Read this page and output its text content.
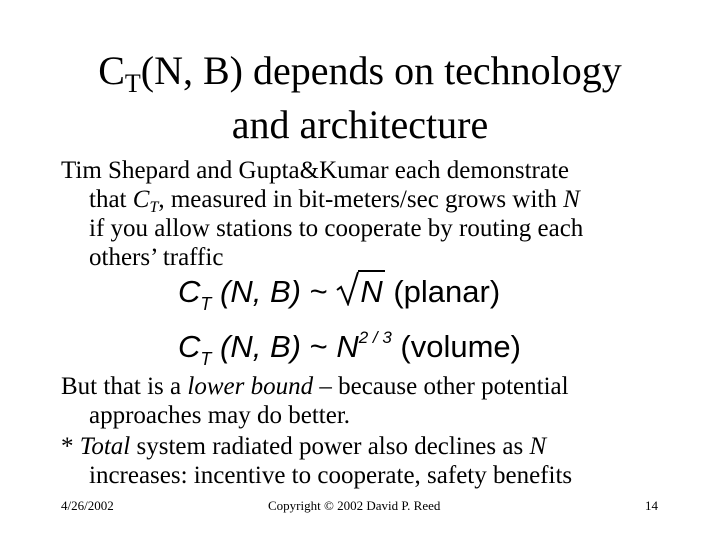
$C_T(N$, B) depends on technology
and architecture
Tim Shepard and Gupta&Kumar each demonstrate
that $C_T$, measured in bit-meters/sec grows with N
if you allow stations to cooperate by routing each
others’ traffic
$C_T$ (N, B) ~ N (planar)
$C_T$ (N, B) ~ $N^{2 / 3}$ (volume)
But that is a lower bound – because other potential
approaches may do better.
* Total system radiated power also declines as N
increases: incentive to cooperate, safety benefits
4/26/2002	Copyright © 2002 David P. Reed	14
